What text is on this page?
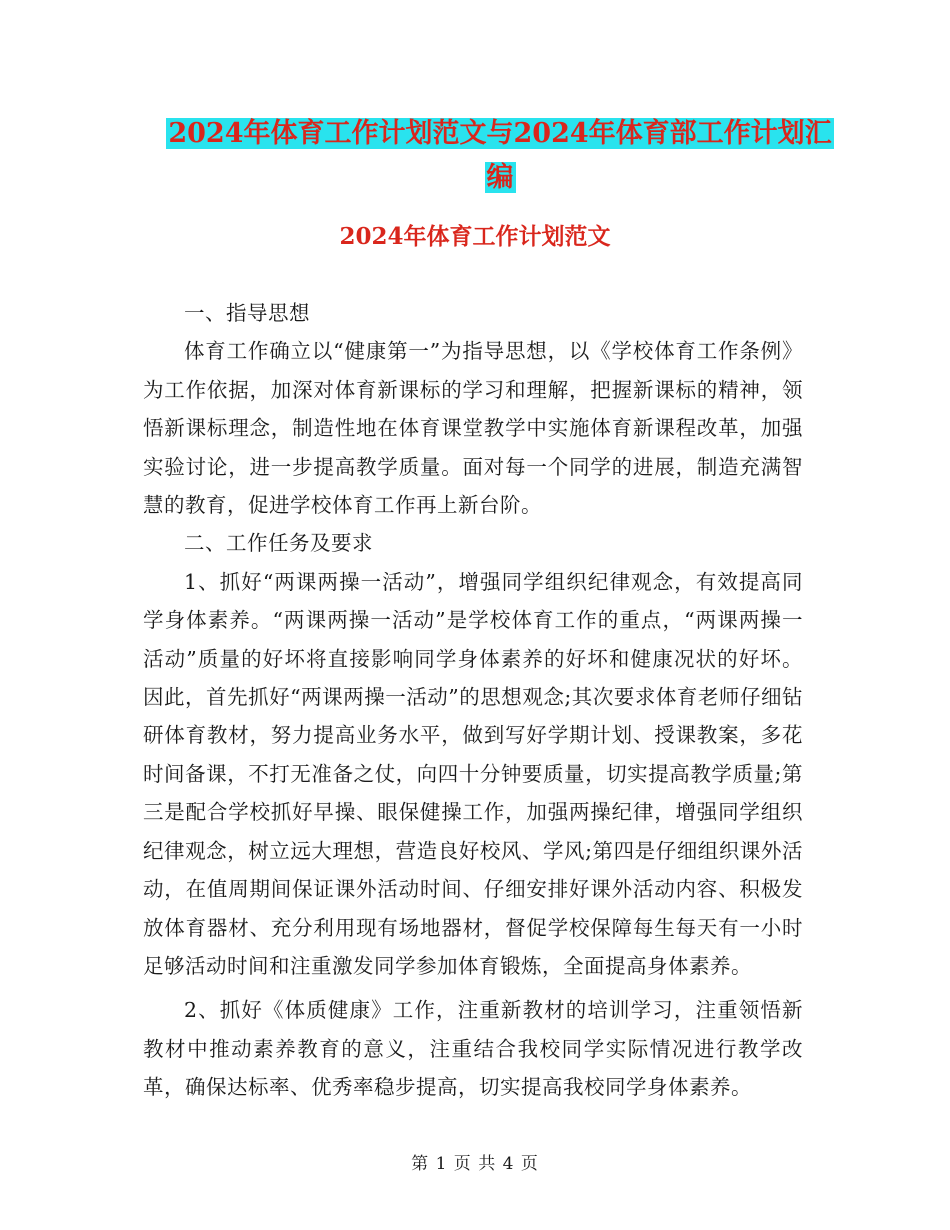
2024年体育工作计划范文与2024年体育部工作计划汇
编
2024年体育工作计划范文

一、指导思想

体育工作确立以“健康第一”为指导思想，以《学校体育工作条例》为工作依据，加深对体育新课标的学习和理解，把握新课标的精神，领悟新课标理念，制造性地在体育课堂教学中实施体育新课程改革，加强实验讨论，进一步提高教学质量。面对每一个同学的进展，制造充满智慧的教育，促进学校体育工作再上新台阶。

二、工作任务及要求

1、抓好“两课两操一活动”，增强同学组织纪律观念，有效提高同学身体素养。“两课两操一活动”是学校体育工作的重点，“两课两操一活动”质量的好坏将直接影响同学身体素养的好坏和健康况状的好坏。因此，首先抓好“两课两操一活动”的思想观念;其次要求体育老师仔细钻研体育教材，努力提高业务水平，做到写好学期计划、授课教案，多花时间备课，不打无准备之仗，向四十分钟要质量，切实提高教学质量;第三是配合学校抓好早操、眼保健操工作，加强两操纪律，增强同学组织纪律观念，树立远大理想，营造良好校风、学风;第四是仔细组织课外活动，在值周期间保证课外活动时间、仔细安排好课外活动内容、积极发放体育器材、充分利用现有场地器材，督促学校保障每生每天有一小时足够活动时间和注重激发同学参加体育锻炼，全面提高身体素养。

2、抓好《体质健康》工作，注重新教材的培训学习，注重领悟新教材中推动素养教育的意义，注重结合我校同学实际情况进行教学改革，确保达标率、优秀率稳步提高，切实提高我校同学身体素养。

第 1 页 共 4 页
